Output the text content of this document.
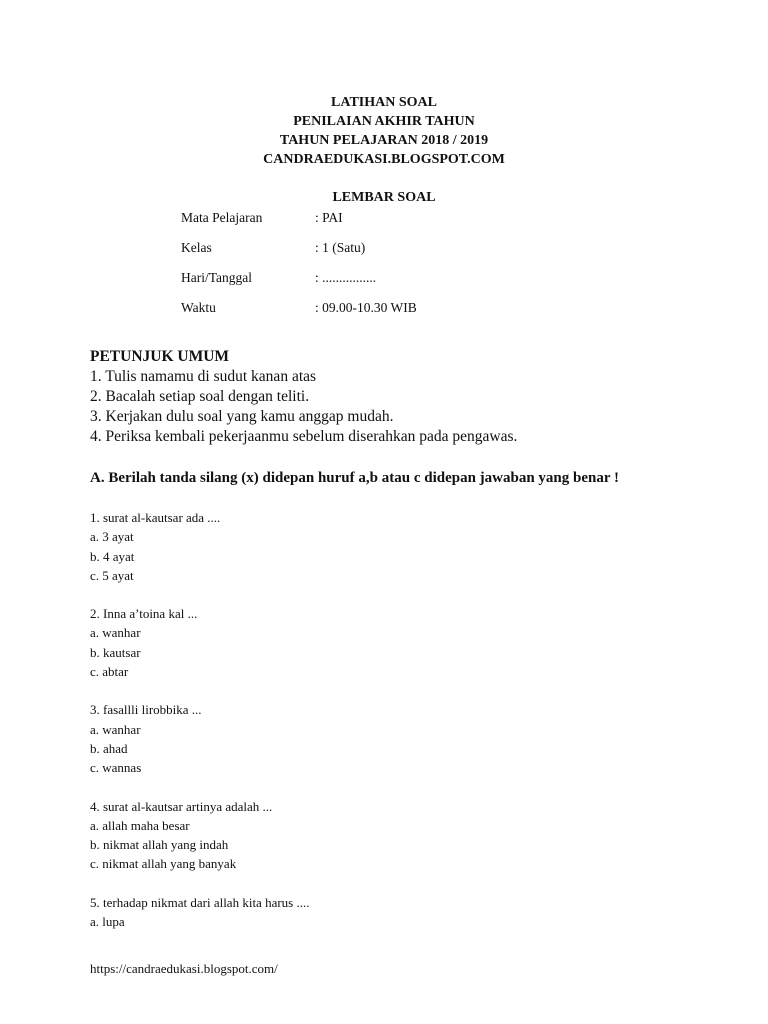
LATIHAN SOAL
PENILAIAN AKHIR TAHUN
TAHUN PELAJARAN 2018 / 2019
CANDRAEDUKASI.BLOGSPOT.COM
LEMBAR SOAL
Mata Pelajaran	: PAI
Kelas	: 1 (Satu)
Hari/Tanggal	: ................
Waktu	: 09.00-10.30 WIB
PETUNJUK UMUM
1. Tulis namamu di sudut kanan atas
2. Bacalah setiap soal dengan teliti.
3. Kerjakan dulu soal yang kamu anggap mudah.
4. Periksa kembali pekerjaanmu sebelum diserahkan pada pengawas.
A. Berilah tanda silang (x) didepan huruf a,b atau c didepan jawaban yang benar !
1. surat al-kautsar ada ....
a. 3 ayat
b. 4 ayat
c. 5 ayat
2. Inna a’toina kal ...
a. wanhar
b. kautsar
c. abtar
3. fasallli lirobbika ...
a. wanhar
b. ahad
c. wannas
4. surat al-kautsar artinya adalah ...
a. allah maha besar
b. nikmat allah yang indah
c. nikmat allah yang banyak
5. terhadap nikmat dari allah kita harus ....
a. lupa
https://candraedukasi.blogspot.com/
